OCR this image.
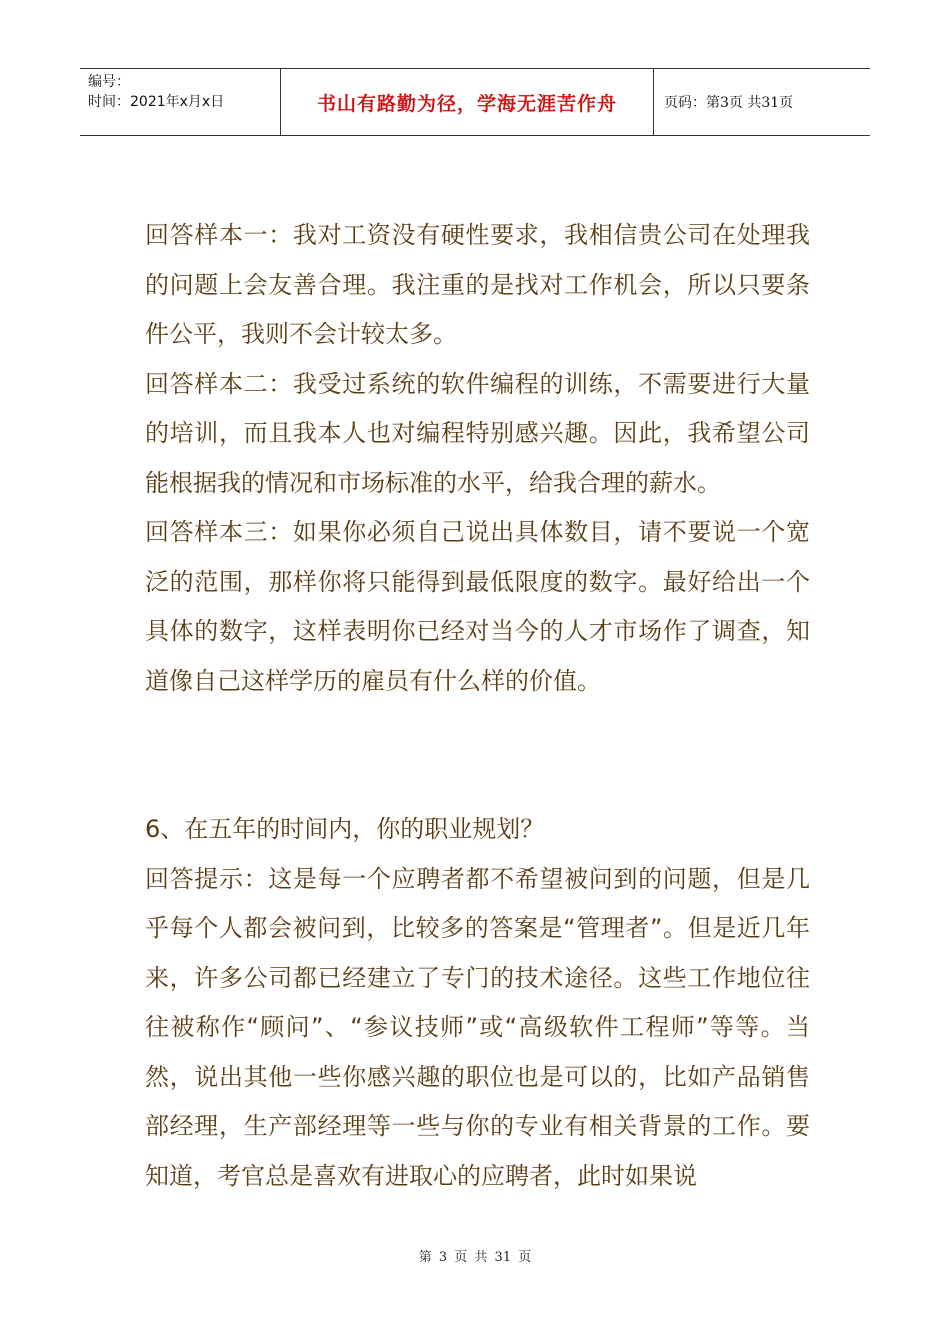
编号：
时间：2021年x月x日	书山有路勤为径，学海无涯苦作舟	页码：第3页 共31页

回答样本一：我对工资没有硬性要求，我相信贵公司在处理我的问题上会友善合理。我注重的是找对工作机会，所以只要条件公平，我则不会计较太多。

回答样本二：我受过系统的软件编程的训练，不需要进行大量的培训，而且我本人也对编程特别感兴趣。因此，我希望公司能根据我的情况和市场标准的水平，给我合理的薪水。

回答样本三：如果你必须自己说出具体数目，请不要说一个宽泛的范围，那样你将只能得到最低限度的数字。最好给出一个具体的数字，这样表明你已经对当今的人才市场作了调查，知道像自己这样学历的雇员有什么样的价值。

6、在五年的时间内，你的职业规划？

回答提示：这是每一个应聘者都不希望被问到的问题，但是几乎每个人都会被问到，比较多的答案是“管理者”。但是近几年来，许多公司都已经建立了专门的技术途径。这些工作地位往往被称作“顾问”、“参议技师”或“高级软件工程师”等等。当然，说出其他一些你感兴趣的职位也是可以的，比如产品销售部经理，生产部经理等一些与你的专业有相关背景的工作。要知道，考官总是喜欢有进取心的应聘者，此时如果说

第 3 页 共 31 页
